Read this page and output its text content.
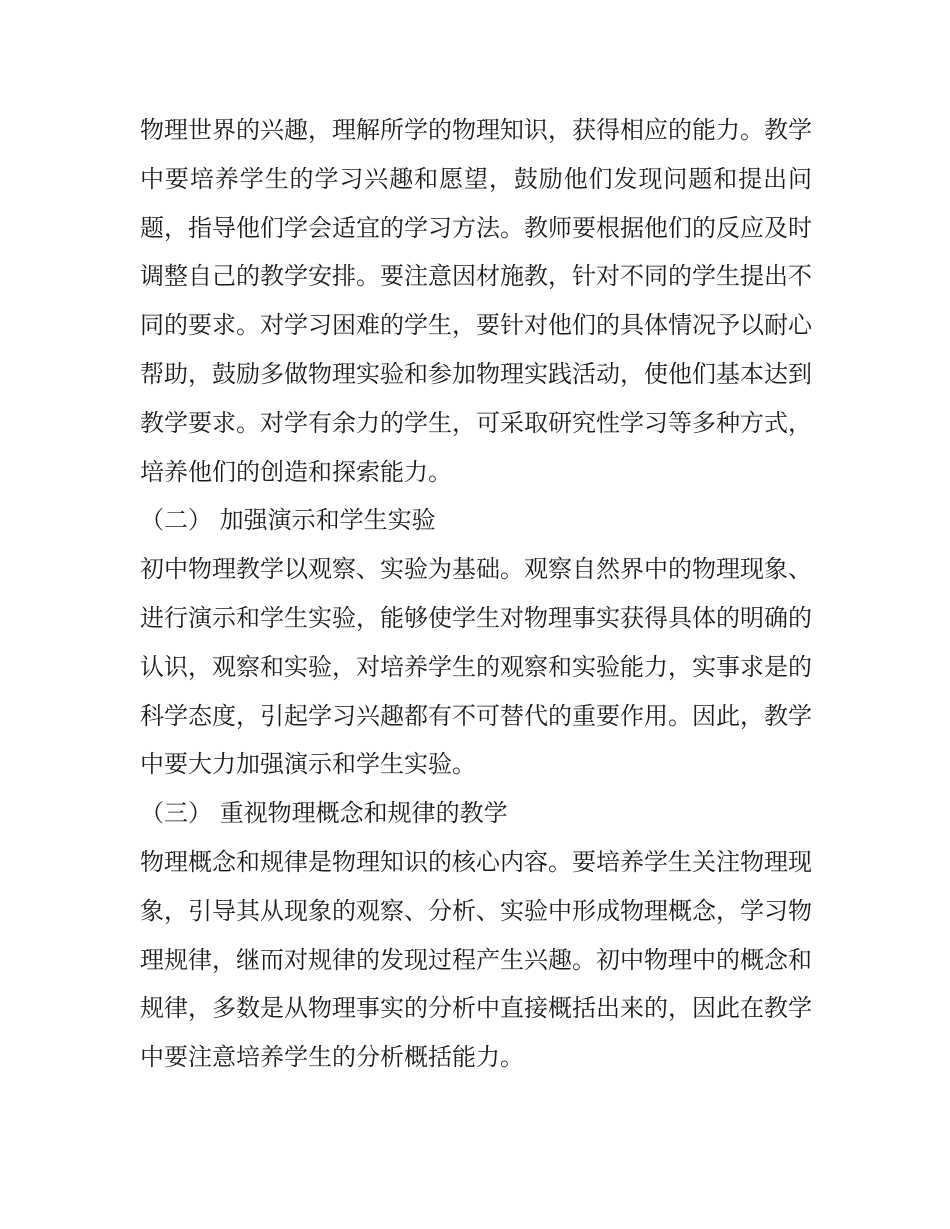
物理世界的兴趣，理解所学的物理知识，获得相应的能力。教学中要培养学生的学习兴趣和愿望，鼓励他们发现问题和提出问题，指导他们学会适宜的学习方法。教师要根据他们的反应及时调整自己的教学安排。要注意因材施教，针对不同的学生提出不同的要求。对学习困难的学生，要针对他们的具体情况予以耐心帮助，鼓励多做物理实验和参加物理实践活动，使他们基本达到教学要求。对学有余力的学生，可采取研究性学习等多种方式，培养他们的创造和探索能力。

（二） 加强演示和学生实验

初中物理教学以观察、实验为基础。观察自然界中的物理现象、进行演示和学生实验，能够使学生对物理事实获得具体的明确的认识，观察和实验，对培养学生的观察和实验能力，实事求是的科学态度，引起学习兴趣都有不可替代的重要作用。因此，教学中要大力加强演示和学生实验。

（三） 重视物理概念和规律的教学

物理概念和规律是物理知识的核心内容。要培养学生关注物理现象，引导其从现象的观察、分析、实验中形成物理概念，学习物理规律，继而对规律的发现过程产生兴趣。初中物理中的概念和规律，多数是从物理事实的分析中直接概括出来的，因此在教学中要注意培养学生的分析概括能力。
